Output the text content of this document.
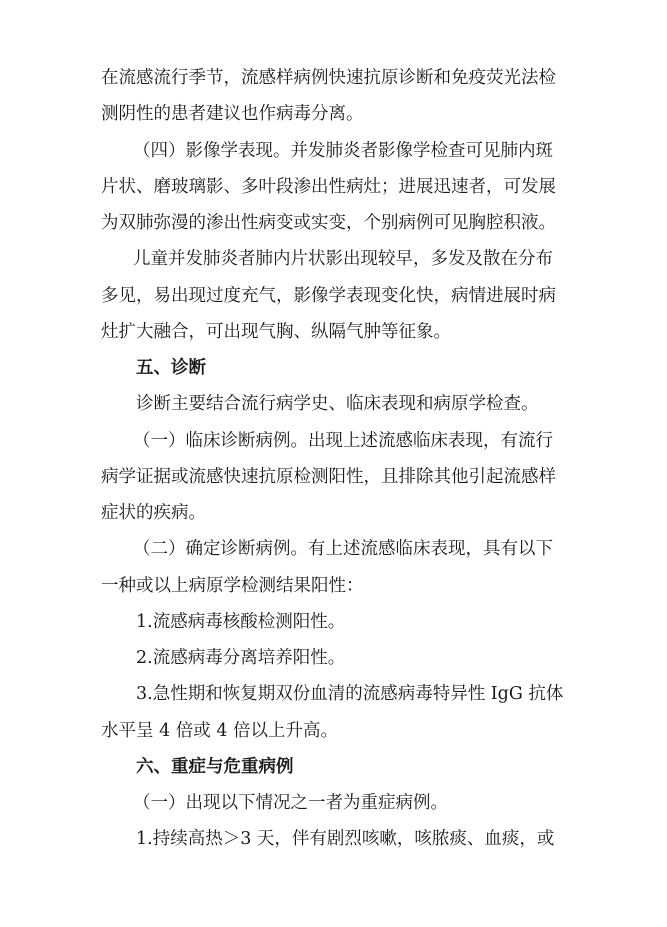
在流感流行季节，流感样病例快速抗原诊断和免疫荧光法检
测阴性的患者建议也作病毒分离。
（四）影像学表现。并发肺炎者影像学检查可见肺内斑
片状、磨玻璃影、多叶段渗出性病灶；进展迅速者，可发展
为双肺弥漫的渗出性病变或实变，个别病例可见胸腔积液。
儿童并发肺炎者肺内片状影出现较早，多发及散在分布
多见，易出现过度充气，影像学表现变化快，病情进展时病
灶扩大融合，可出现气胸、纵隔气肿等征象。
五、诊断
诊断主要结合流行病学史、临床表现和病原学检查。
（一）临床诊断病例。出现上述流感临床表现，有流行
病学证据或流感快速抗原检测阳性，且排除其他引起流感样
症状的疾病。
（二）确定诊断病例。有上述流感临床表现，具有以下
一种或以上病原学检测结果阳性：
1.流感病毒核酸检测阳性。
2.流感病毒分离培养阳性。
3.急性期和恢复期双份血清的流感病毒特异性 IgG 抗体
水平呈 4 倍或 4 倍以上升高。
六、重症与危重病例
（一）出现以下情况之一者为重症病例。
1.持续高热＞3 天，伴有剧烈咳嗽，咳脓痰、血痰，或
